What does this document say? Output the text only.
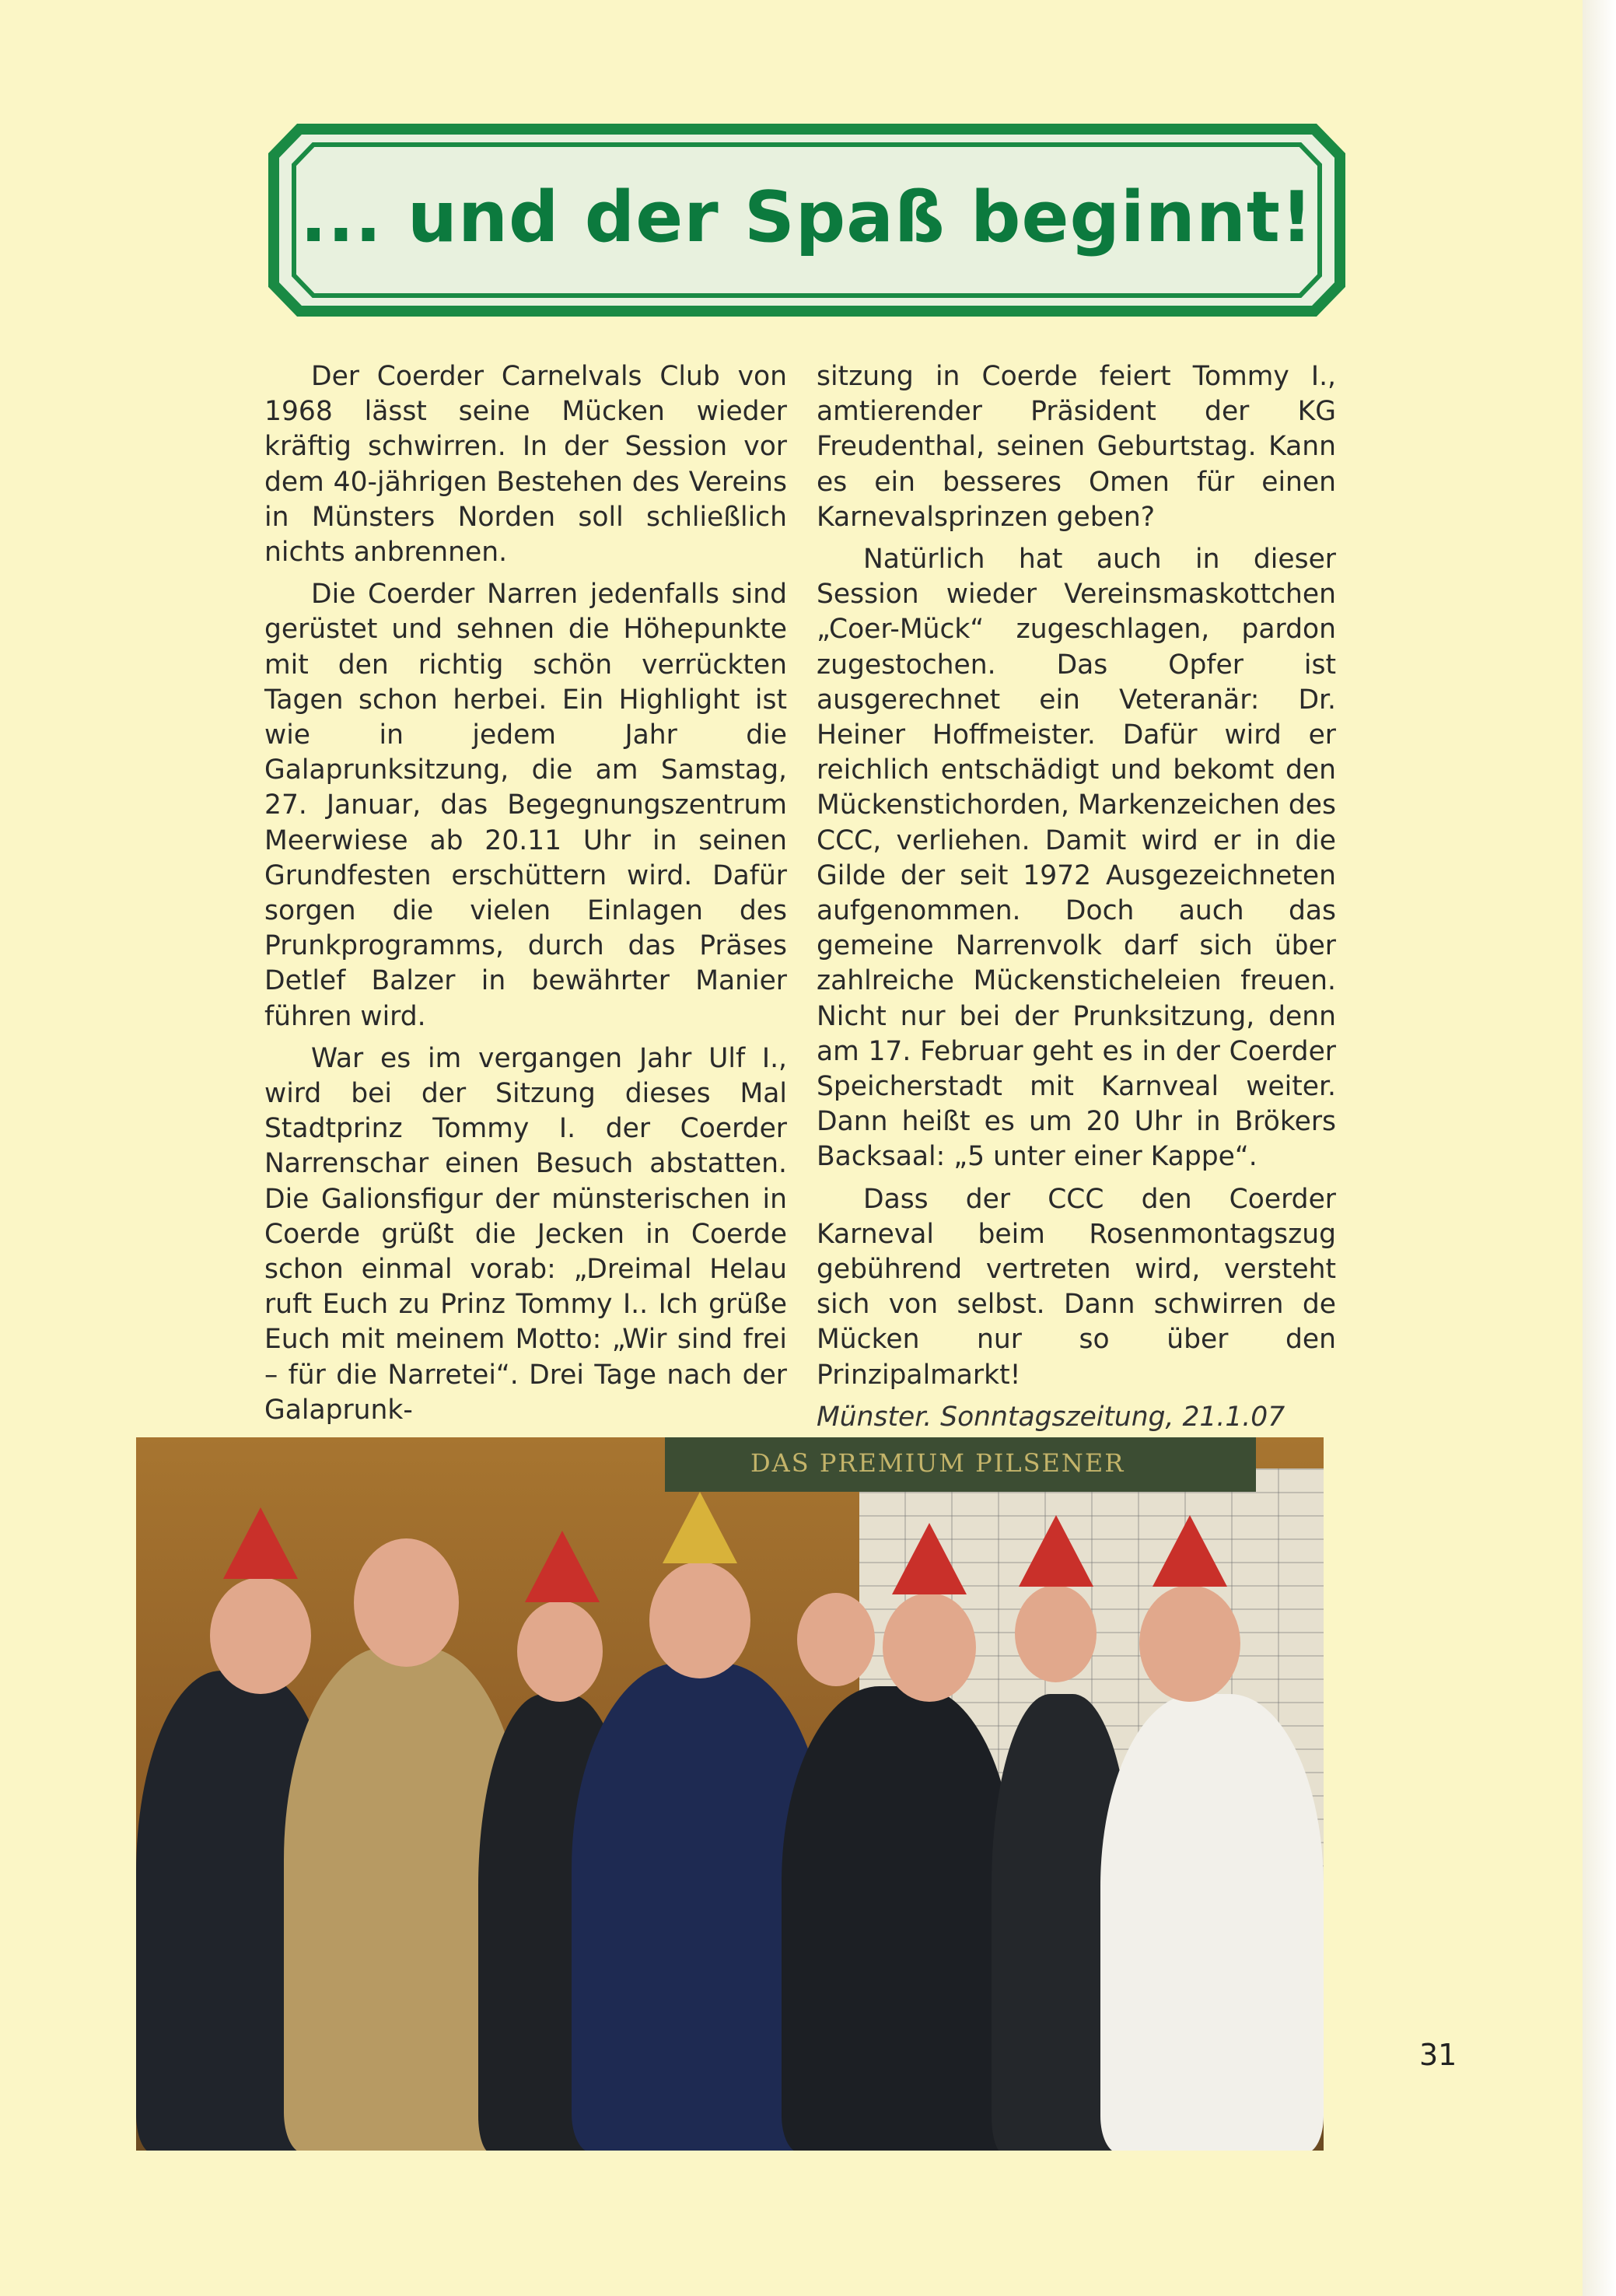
... und der Spaß beginnt!

Der Coerder Carnelvals Club von 1968 lässt seine Mücken wieder kräftig schwirren. In der Session vor dem 40-jährigen Bestehen des Vereins in Münsters Norden soll schließlich nichts anbrennen.

Die Coerder Narren jedenfalls sind gerüstet und sehnen die Höhepunkte mit den richtig schön verrückten Tagen schon herbei. Ein Highlight ist wie in jedem Jahr die Galaprunksitzung, die am Samstag, 27. Januar, das Begegnungszentrum Meerwiese ab 20.11 Uhr in seinen Grundfesten erschüttern wird. Dafür sorgen die vielen Einlagen des Prunkprogramms, durch das Präses Detlef Balzer in bewährter Manier führen wird.

War es im vergangen Jahr Ulf I., wird bei der Sitzung dieses Mal Stadtprinz Tommy I. der Coerder Narrenschar einen Besuch abstatten. Die Galionsfigur der münsterischen in Coerde grüßt die Jecken in Coerde schon einmal vorab: „Dreimal Helau ruft Euch zu Prinz Tommy I.. Ich grüße Euch mit meinem Motto: „Wir sind frei – für die Narretei“. Drei Tage nach der Galaprunk-

sitzung in Coerde feiert Tommy I., amtierender Präsident der KG Freudenthal, seinen Geburtstag. Kann es ein besseres Omen für einen Karnevalsprinzen geben?

Natürlich hat auch in dieser Session wieder Vereinsmaskottchen „Coer-Mück“ zugeschlagen, pardon zugestochen. Das Opfer ist ausgerechnet ein Veteranär: Dr. Heiner Hoffmeister. Dafür wird er reichlich entschädigt und bekomt den Mückenstichorden, Markenzeichen des CCC, verliehen. Damit wird er in die Gilde der seit 1972 Ausgezeichneten aufgenommen. Doch auch das gemeine Narrenvolk darf sich über zahlreiche Mückensticheleien freuen. Nicht nur bei der Prunksitzung, denn am 17. Februar geht es in der Coerder Speicherstadt mit Karnveal weiter. Dann heißt es um 20 Uhr in Brökers Backsaal: „5 unter einer Kappe“.

Dass der CCC den Coerder Karneval beim Rosenmontagszug gebührend vertreten wird, versteht sich von selbst. Dann schwirren de Mücken nur so über den Prinzipalmarkt!

Münster. Sonntagszeitung, 21.1.07

DAS PREMIUM PILSENER
31
